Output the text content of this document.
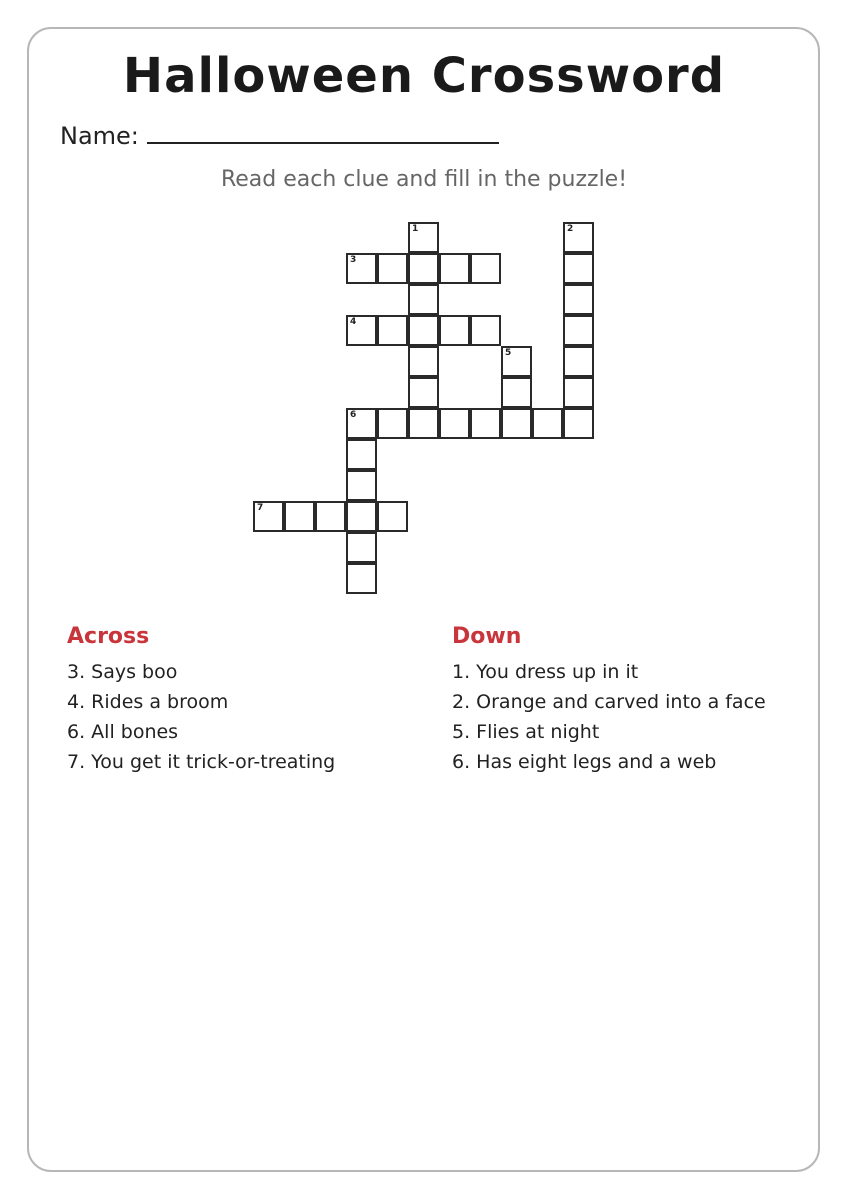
Halloween Crossword
Name:
Read each clue and fill in the puzzle!
1	2
3
4
5
6
7
Across
3. Says boo
4. Rides a broom
6. All bones
7. You get it trick-or-treating
Down
1. You dress up in it
2. Orange and carved into a face
5. Flies at night
6. Has eight legs and a web
